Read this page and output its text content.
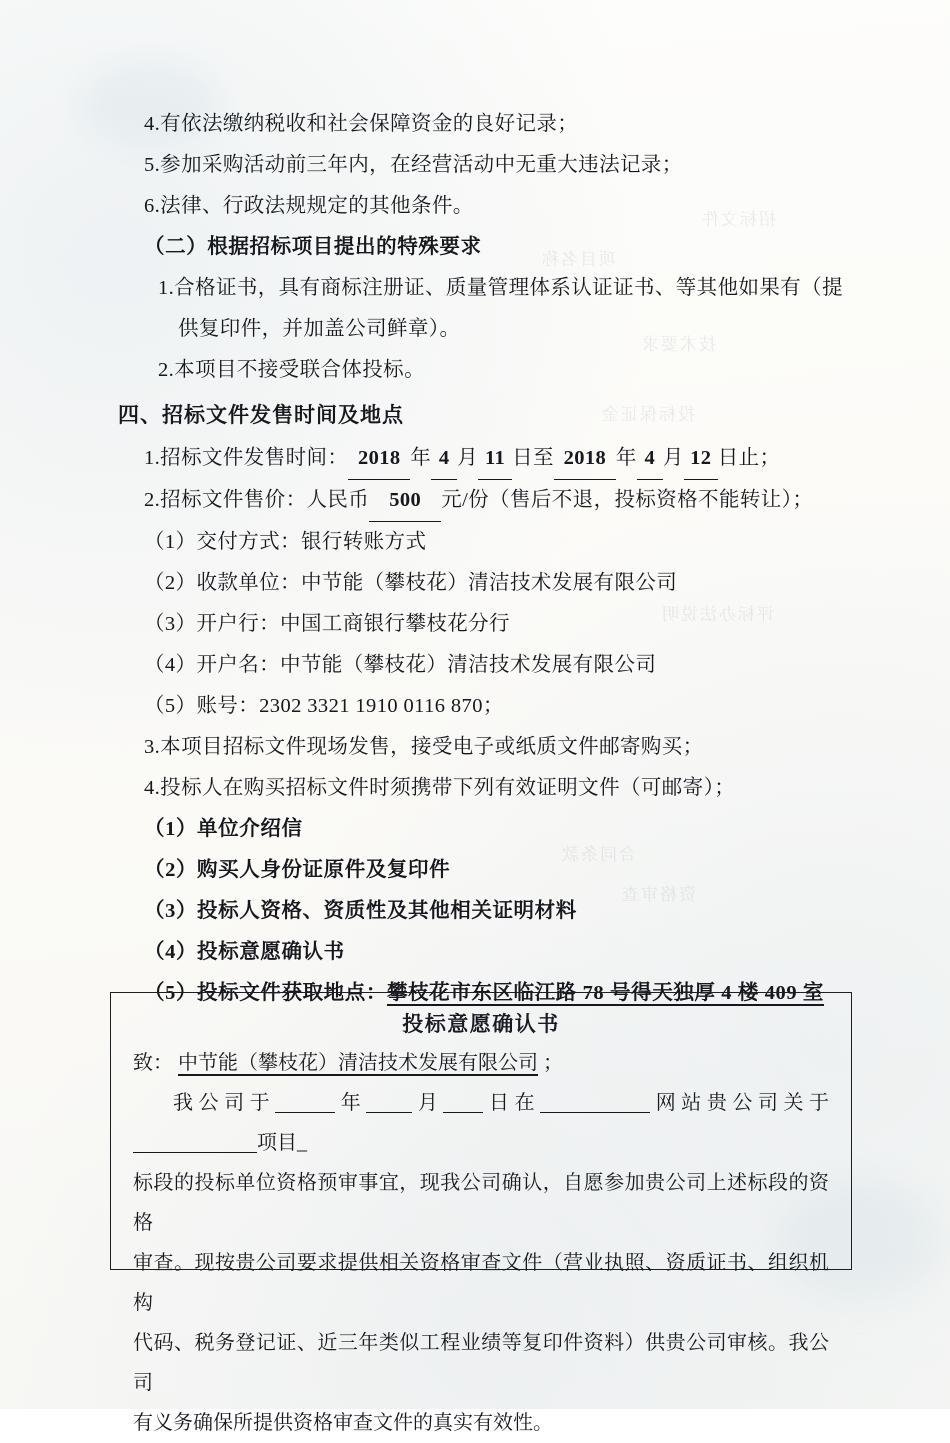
招标文件
项目名称
技术要求
投标保证金
评标办法说明
合同条款
资格审查
4.有依法缴纳税收和社会保障资金的良好记录；
5.参加采购活动前三年内，在经营活动中无重大违法记录；
6.法律、行政法规规定的其他条件。
（二）根据招标项目提出的特殊要求
1.合格证书，具有商标注册证、质量管理体系认证证书、等其他如果有（提
供复印件，并加盖公司鲜章）。
2.本项目不接受联合体投标。
四、招标文件发售时间及地点
1.招标文件发售时间： 2018 年 4 月 11 日至 2018 年 4 月 12 日止；
2.招标文件售价：人民币 500 元/份（售后不退，投标资格不能转让）；
（1）交付方式：银行转账方式
（2）收款单位：中节能（攀枝花）清洁技术发展有限公司
（3）开户行：中国工商银行攀枝花分行
（4）开户名：中节能（攀枝花）清洁技术发展有限公司
（5）账号：2302 3321 1910 0116 870；
3.本项目招标文件现场发售，接受电子或纸质文件邮寄购买；
4.投标人在购买招标文件时须携带下列有效证明文件（可邮寄）；
（1）单位介绍信
（2）购买人身份证原件及复印件
（3）投标人资格、资质性及其他相关证明材料
（4）投标意愿确认书
（5）投标文件获取地点：攀枝花市东区临江路 78 号得天独厚 4 楼 409 室
投标意愿确认书
致： 中节能（攀枝花）清洁技术发展有限公司 ；
我公司于	年 月 日在	网站贵公司关于项目_
标段的投标单位资格预审事宜，现我公司确认，自愿参加贵公司上述标段的资格
审查。现按贵公司要求提供相关资格审查文件（营业执照、资质证书、组织机构
代码、税务登记证、近三年类似工程业绩等复印件资料）供贵公司审核。我公司
有义务确保所提供资格审查文件的真实有效性。
